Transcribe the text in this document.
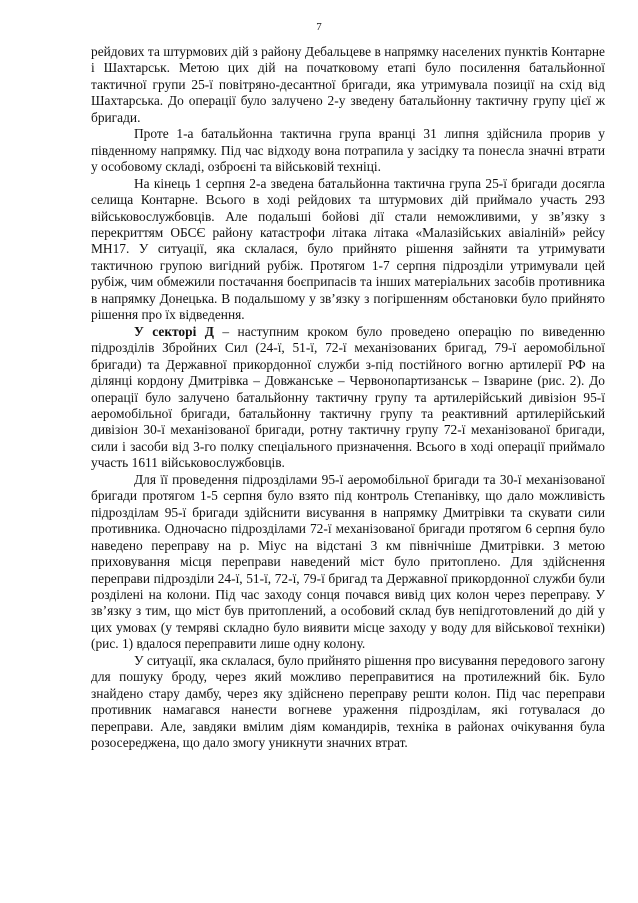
7

рейдових та штурмових дій з району Дебальцеве в напрямку населених пунктів Контарне і Шахтарськ. Метою цих дій на початковому етапі було посилення батальйонної тактичної групи 25-ї повітряно-десантної бригади, яка утримувала позиції на схід від Шахтарська. До операції було залучено 2-у зведену батальйонну тактичну групу цієї ж бригади.

Проте 1-а батальйонна тактична група вранці 31 липня здійснила прорив у південному напрямку. Під час відходу вона потрапила у засідку та понесла значні втрати у особовому складі, озброєні та військовій техніці.

На кінець 1 серпня 2-а зведена батальйонна тактична група 25-ї бригади досягла селища Контарне. Всього в ході рейдових та штурмових дій приймало участь 293 військовослужбовців. Але подальші бойові дії стали неможливими, у зв’язку з перекриттям ОБСЄ району катастрофи літака літака «Малазійських авіаліній» рейсу МН17. У ситуації, яка склалася, було прийнято рішення зайняти та утримувати тактичною групою вигідний рубіж. Протягом 1-7 серпня підрозділи утримували цей рубіж, чим обмежили постачання боєприпасів та інших матеріальних засобів противника в напрямку Донецька. В подальшому у зв’язку з погіршенням обстановки було прийнято рішення про їх відведення.

У секторі Д – наступним кроком було проведено операцію по виведенню підрозділів Збройних Сил (24-ї, 51-ї, 72-ї механізованих бригад, 79-ї аеромобільної бригади) та Державної прикордонної служби з-під постійного вогню артилерії РФ на ділянці кордону Дмитрівка – Довжанське – Червонопартизанськ – Ізварине (рис. 2). До операції було залучено батальйонну тактичну групу та артилерійський дивізіон 95-ї аеромобільної бригади, батальйонну тактичну групу та реактивний артилерійський дивізіон 30-ї механізованої бригади, ротну тактичну групу 72-ї механізованої бригади, сили і засоби від 3-го полку спеціального призначення. Всього в ході операції приймало участь 1611 військовослужбовців.

Для її проведення підрозділами 95-ї аеромобільної бригади та 30-ї механізованої бригади протягом 1-5 серпня було взято під контроль Степанівку, що дало можливість підрозділам 95-ї бригади здійснити висування в напрямку Дмитрівки та скувати сили противника. Одночасно підрозділами 72-ї механізованої бригади протягом 6 серпня було наведено переправу на р. Міус на відстані 3 км північніше Дмитрівки. З метою приховування місця переправи наведений міст було притоплено. Для здійснення переправи підрозділи 24-ї, 51-ї, 72-ї, 79-ї бригад та Державної прикордонної служби були розділені на колони. Під час заходу сонця почався вивід цих колон через переправу. У зв’язку з тим, що міст був притоплений, а особовий склад був непідготовлений до дій у цих умовах (у темряві складно було виявити місце заходу у воду для військової техніки) (рис. 1) вдалося переправити лише одну колону.

У ситуації, яка склалася, було прийнято рішення про висування передового загону для пошуку броду, через який можливо переправитися на протилежний бік. Було знайдено стару дамбу, через яку здійснено переправу решти колон. Під час переправи противник намагався нанести вогневе ураження підрозділам, які готувалася до переправи. Але, завдяки вмілим діям командирів, техніка в районах очікування була розосереджена, що дало змогу уникнути значних втрат.
